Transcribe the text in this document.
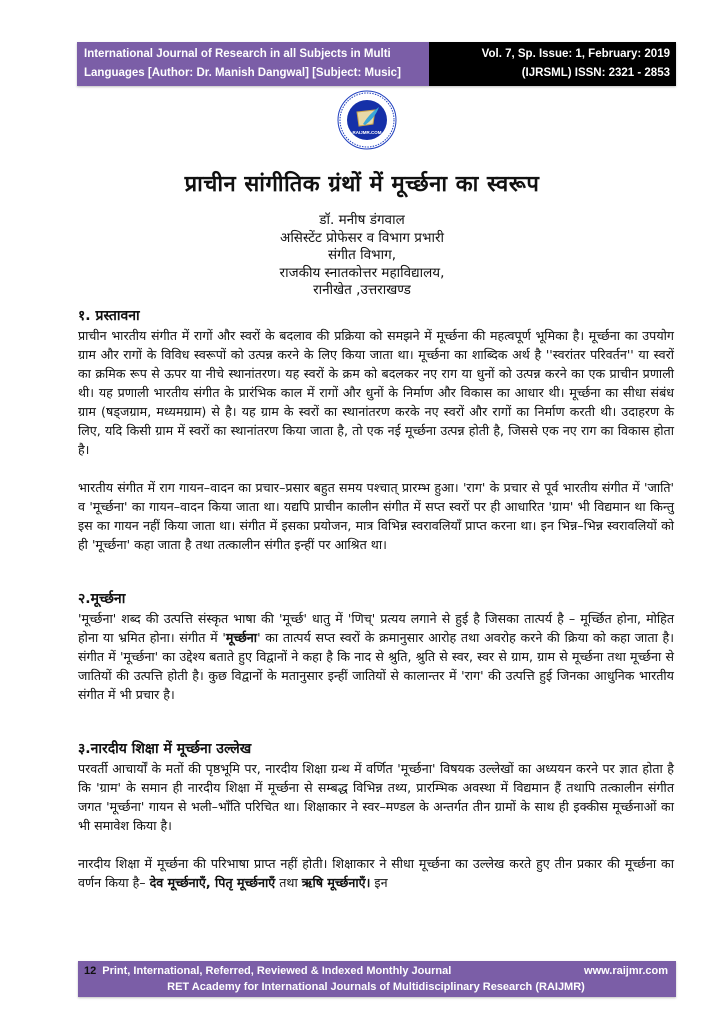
International Journal of Research in all Subjects in Multi
Languages [Author: Dr. Manish Dangwal] [Subject: Music]
Vol. 7, Sp. Issue: 1, February: 2019
(IJRSML) ISSN: 2321 - 2853
RAIJMR.COM
प्राचीन सांगीतिक ग्रंथों में मूर्च्छना का स्वरूप
डॉ. मनीष डंगवाल
असिस्टेंट प्रोफेसर व विभाग प्रभारी
संगीत विभाग,
राजकीय स्नातकोत्तर महाविद्यालय,
रानीखेत ,उत्तराखण्ड
१. प्रस्तावना

प्राचीन भारतीय संगीत में रागों और स्वरों के बदलाव की प्रक्रिया को समझने में मूर्च्छना की महत्वपूर्ण भूमिका है। मूर्च्छना का उपयोग ग्राम और रागों के विविध स्वरूपों को उत्पन्न करने के लिए किया जाता था। मूर्च्छना का शाब्दिक अर्थ है ''स्वरांतर परिवर्तन'' या स्वरों का क्रमिक रूप से ऊपर या नीचे स्थानांतरण। यह स्वरों के क्रम को बदलकर नए राग या धुनों को उत्पन्न करने का एक प्राचीन प्रणाली थी। यह प्रणाली भारतीय संगीत के प्रारंभिक काल में रागों और धुनों के निर्माण और विकास का आधार थी। मूर्च्छना का सीधा संबंध ग्राम (षड्जग्राम, मध्यमग्राम) से है। यह ग्राम के स्वरों का स्थानांतरण करके नए स्वरों और रागों का निर्माण करती थी। उदाहरण के लिए, यदि किसी ग्राम में स्वरों का स्थानांतरण किया जाता है, तो एक नई मूर्च्छना उत्पन्न होती है, जिससे एक नए राग का विकास होता है।

भारतीय संगीत में राग गायन–वादन का प्रचार–प्रसार बहुत समय पश्चात् प्रारम्भ हुआ। 'राग' के प्रचार से पूर्व भारतीय संगीत में 'जाति' व 'मूर्च्छना' का गायन–वादन किया जाता था। यद्यपि प्राचीन कालीन संगीत में सप्त स्वरों पर ही आधारित 'ग्राम' भी विद्यमान था किन्तु इस का गायन नहीं किया जाता था। संगीत में इसका प्रयोजन, मात्र विभिन्न स्वरावलियाँ प्राप्त करना था। इन भिन्न–भिन्न स्वरावलियों को ही 'मूर्च्छना' कहा जाता है तथा तत्कालीन संगीत इन्हीं पर आश्रित था।

२.मूर्च्छना

'मूर्च्छना' शब्द की उत्पत्ति संस्कृत भाषा की 'मूर्च्छ' धातु में 'णिच्' प्रत्यय लगाने से हुई है जिसका तात्पर्य है – मूर्च्छित होना, मोहित होना या भ्रमित होना। संगीत में 'मूर्च्छना' का तात्पर्य सप्त स्वरों के क्रमानुसार आरोह तथा अवरोह करने की क्रिया को कहा जाता है। संगीत में 'मूर्च्छना' का उद्देश्य बताते हुए विद्वानों ने कहा है कि नाद से श्रुति, श्रुति से स्वर, स्वर से ग्राम, ग्राम से मूर्च्छना तथा मूर्च्छना से जातियों की उत्पत्ति होती है। कुछ विद्वानों के मतानुसार इन्हीं जातियों से कालान्तर में 'राग' की उत्पत्ति हुई जिनका आधुनिक भारतीय संगीत में भी प्रचार है।

३.नारदीय शिक्षा में मूर्च्छना उल्लेख

परवर्ती आचार्यों के मतों की पृष्ठभूमि पर, नारदीय शिक्षा ग्रन्थ में वर्णित 'मूर्च्छना' विषयक उल्लेखों का अध्ययन करने पर ज्ञात होता है कि 'ग्राम' के समान ही नारदीय शिक्षा में मूर्च्छना से सम्बद्ध विभिन्न तथ्य, प्रारम्भिक अवस्था में विद्यमान हैं तथापि तत्कालीन संगीत जगत 'मूर्च्छना' गायन से भली–भाँति परिचित था। शिक्षाकार ने स्वर–मण्डल के अन्तर्गत तीन ग्रामों के साथ ही इक्कीस मूर्च्छनाओं का भी समावेश किया है।

नारदीय शिक्षा में मूर्च्छना की परिभाषा प्राप्त नहीं होती। शिक्षाकार ने सीधा मूर्च्छना का उल्लेख करते हुए तीन प्रकार की मूर्च्छना का वर्णन किया है– देव मूर्च्छनाएँ, पितृ मूर्च्छनाएँ तथा ऋषि मूर्च्छनाएँ। इन

12 Print, International, Referred, Reviewed & Indexed Monthly Journal	www.raijmr.com
RET Academy for International Journals of Multidisciplinary Research (RAIJMR)
